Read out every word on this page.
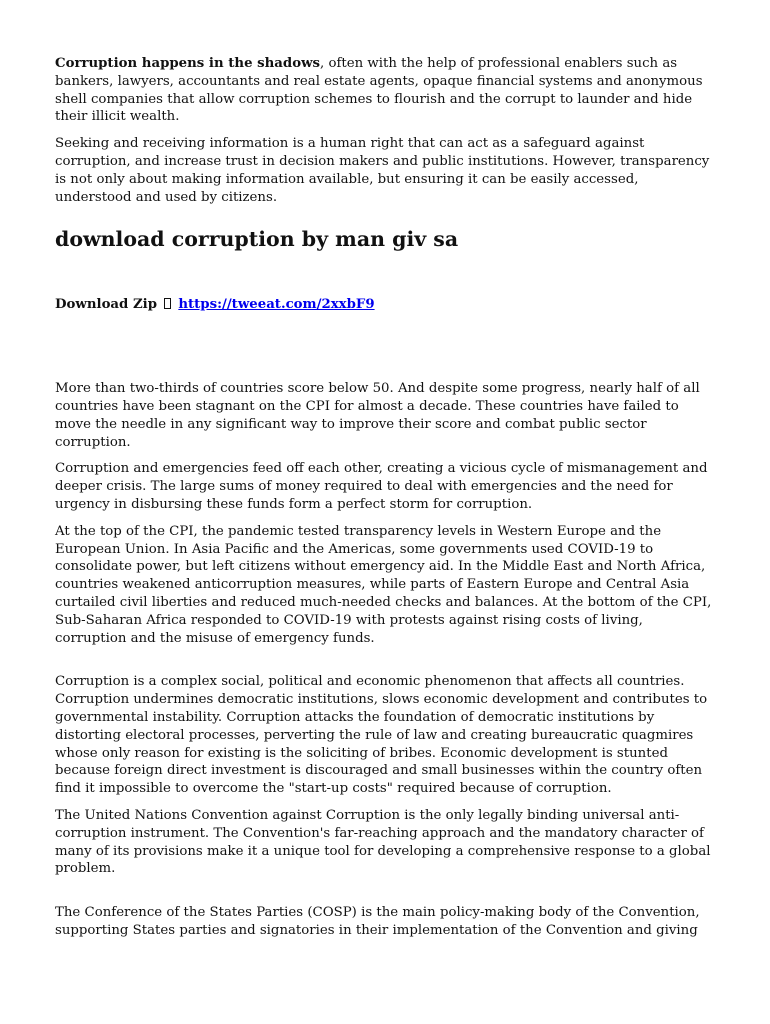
Corruption happens in the shadows, often with the help of professional enablers such as bankers, lawyers, accountants and real estate agents, opaque financial systems and anonymous shell companies that allow corruption schemes to flourish and the corrupt to launder and hide their illicit wealth.

Seeking and receiving information is a human right that can act as a safeguard against corruption, and increase trust in decision makers and public institutions. However, transparency is not only about making information available, but ensuring it can be easily accessed, understood and used by citizens.

download corruption by man giv sa
Download Zip https://tweeat.com/2xxbF9

More than two-thirds of countries score below 50. And despite some progress, nearly half of all countries have been stagnant on the CPI for almost a decade. These countries have failed to move the needle in any significant way to improve their score and combat public sector corruption.

Corruption and emergencies feed off each other, creating a vicious cycle of mismanagement and deeper crisis. The large sums of money required to deal with emergencies and the need for urgency in disbursing these funds form a perfect storm for corruption.

At the top of the CPI, the pandemic tested transparency levels in Western Europe and the European Union. In Asia Pacific and the Americas, some governments used COVID-19 to consolidate power, but left citizens without emergency aid. In the Middle East and North Africa, countries weakened anticorruption measures, while parts of Eastern Europe and Central Asia curtailed civil liberties and reduced much-needed checks and balances. At the bottom of the CPI, Sub-Saharan Africa responded to COVID-19 with protests against rising costs of living, corruption and the misuse of emergency funds.

Corruption is a complex social, political and economic phenomenon that affects all countries. Corruption undermines democratic institutions, slows economic development and contributes to governmental instability. Corruption attacks the foundation of democratic institutions by distorting electoral processes, perverting the rule of law and creating bureaucratic quagmires whose only reason for existing is the soliciting of bribes. Economic development is stunted because foreign direct investment is discouraged and small businesses within the country often find it impossible to overcome the "start-up costs" required because of corruption.

The United Nations Convention against Corruption is the only legally binding universal anti-corruption instrument. The Convention's far-reaching approach and the mandatory character of many of its provisions make it a unique tool for developing a comprehensive response to a global problem.

The Conference of the States Parties (COSP) is the main policy-making body of the Convention, supporting States parties and signatories in their implementation of the Convention and giving
